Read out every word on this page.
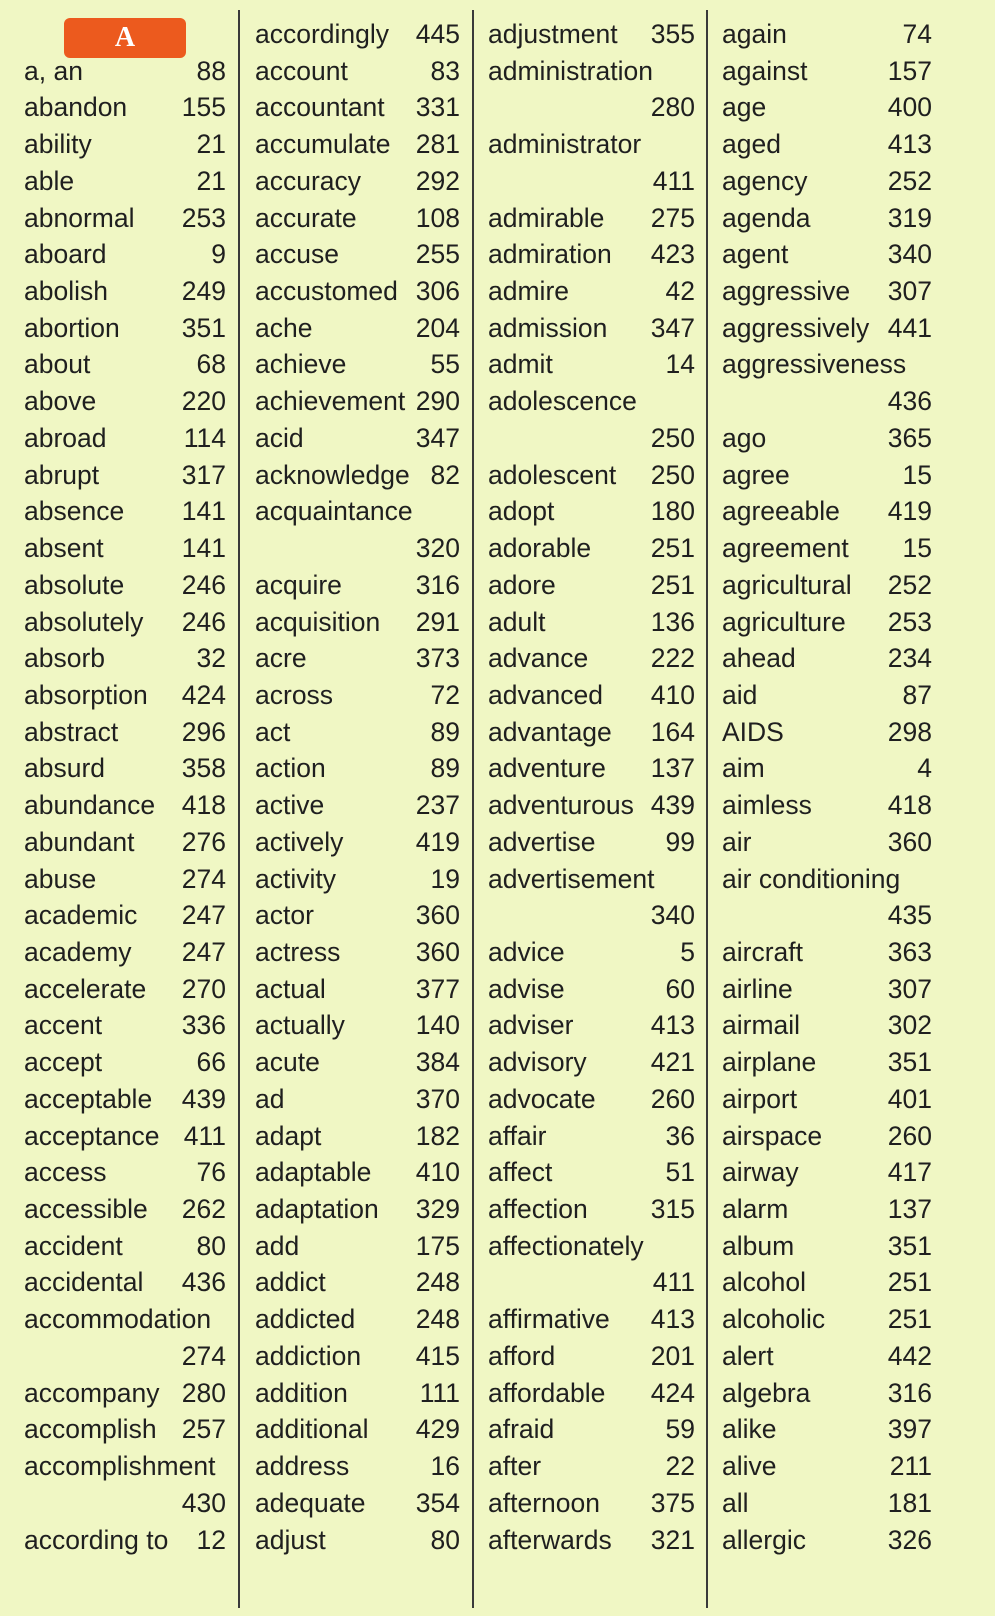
A
a, an	88
abandon 155
ability	21
able	21
abnormal 253
aboard	9
abolish	249
abortion 351
about	68
above	220
abroad	114
abrupt	317
absence 141
absent	141
absolute 246
absolutely 246
absorb	32
absorption 424
abstract 296
absurd	358
abundance 418
abundant 276
abuse	274
academic 247
academy 247
accelerate 270
accent	336
accept	66
acceptable 439
acceptance 411
access	76
accessible 262
accident	80
accidental 436
accommodation
274
accompany 280
accomplish 257
accomplishment
430
according to 12
accordingly 445
account	83
accountant 331
accumulate 281
accuracy 292
accurate 108
accuse	255
accustomed 306
ache	204
achieve	55
achievement 290
acid	347
acknowledge 82
acquaintance
320
acquire	316
acquisition 291
acre	373
across	72
act	89
action	89
active	237
actively	419
activity	19
actor	360
actress	360
actual	377
actually	140
acute	384
ad	370
adapt	182
adaptable 410
adaptation 329
add	175
addict	248
addicted 248
addiction 415
addition	111
additional 429
address	16
adequate 354
adjust	80
adjustment 355
administration
280
administrator
411
admirable 275
admiration 423
admire	42
admission 347
admit	14
adolescence
250
adolescent 250
adopt	180
adorable 251
adore	251
adult	136
advance 222
advanced 410
advantage 164
adventure 137
adventurous 439
advertise	99
advertisement
340
advice	5
advise	60
adviser	413
advisory 421
advocate 260
affair	36
affect	51
affection 315
affectionately
411
affirmative 413
afford	201
affordable 424
afraid	59
after	22
afternoon 375
afterwards 321
again	74
against	157
age	400
aged	413
agency	252
agenda	319
agent	340
aggressive 307
aggressively 441
aggressiveness
436
ago	365
agree	15
agreeable 419
agreement 15
agricultural 252
agriculture 253
ahead	234
aid	87
AIDS	298
aim	4
aimless	418
air	360
air conditioning
435
aircraft	363
airline	307
airmail	302
airplane	351
airport	401
airspace 260
airway	417
alarm	137
album	351
alcohol	251
alcoholic 251
alert	442
algebra	316
alike	397
alive	211
all	181
allergic	326
